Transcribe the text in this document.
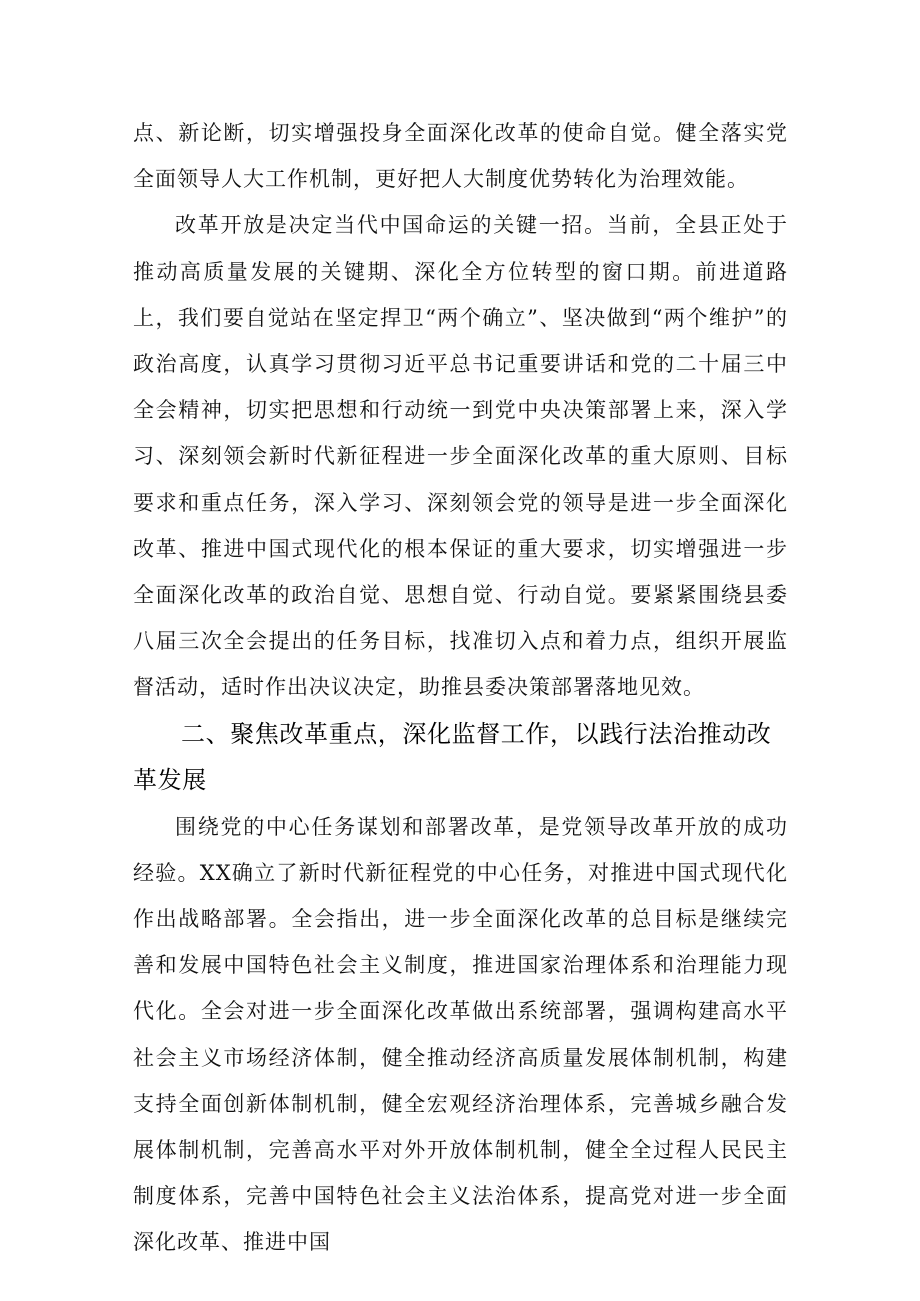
点、新论断，切实增强投身全面深化改革的使命自觉。健全落实党全面领导人大工作机制，更好把人大制度优势转化为治理效能。

改革开放是决定当代中国命运的关键一招。当前，全县正处于推动高质量发展的关键期、深化全方位转型的窗口期。前进道路上，我们要自觉站在坚定捍卫“两个确立”、坚决做到“两个维护”的政治高度，认真学习贯彻习近平总书记重要讲话和党的二十届三中全会精神，切实把思想和行动统一到党中央决策部署上来，深入学习、深刻领会新时代新征程进一步全面深化改革的重大原则、目标要求和重点任务，深入学习、深刻领会党的领导是进一步全面深化改革、推进中国式现代化的根本保证的重大要求，切实增强进一步全面深化改革的政治自觉、思想自觉、行动自觉。要紧紧围绕县委八届三次全会提出的任务目标，找准切入点和着力点，组织开展监督活动，适时作出决议决定，助推县委决策部署落地见效。

二、聚焦改革重点，深化监督工作，以践行法治推动改革发展

围绕党的中心任务谋划和部署改革，是党领导改革开放的成功经验。XX确立了新时代新征程党的中心任务，对推进中国式现代化作出战略部署。全会指出，进一步全面深化改革的总目标是继续完善和发展中国特色社会主义制度，推进国家治理体系和治理能力现代化。全会对进一步全面深化改革做出系统部署，强调构建高水平社会主义市场经济体制，健全推动经济高质量发展体制机制，构建支持全面创新体制机制，健全宏观经济治理体系，完善城乡融合发展体制机制，完善高水平对外开放体制机制，健全全过程人民民主制度体系，完善中国特色社会主义法治体系，提高党对进一步全面深化改革、推进中国
